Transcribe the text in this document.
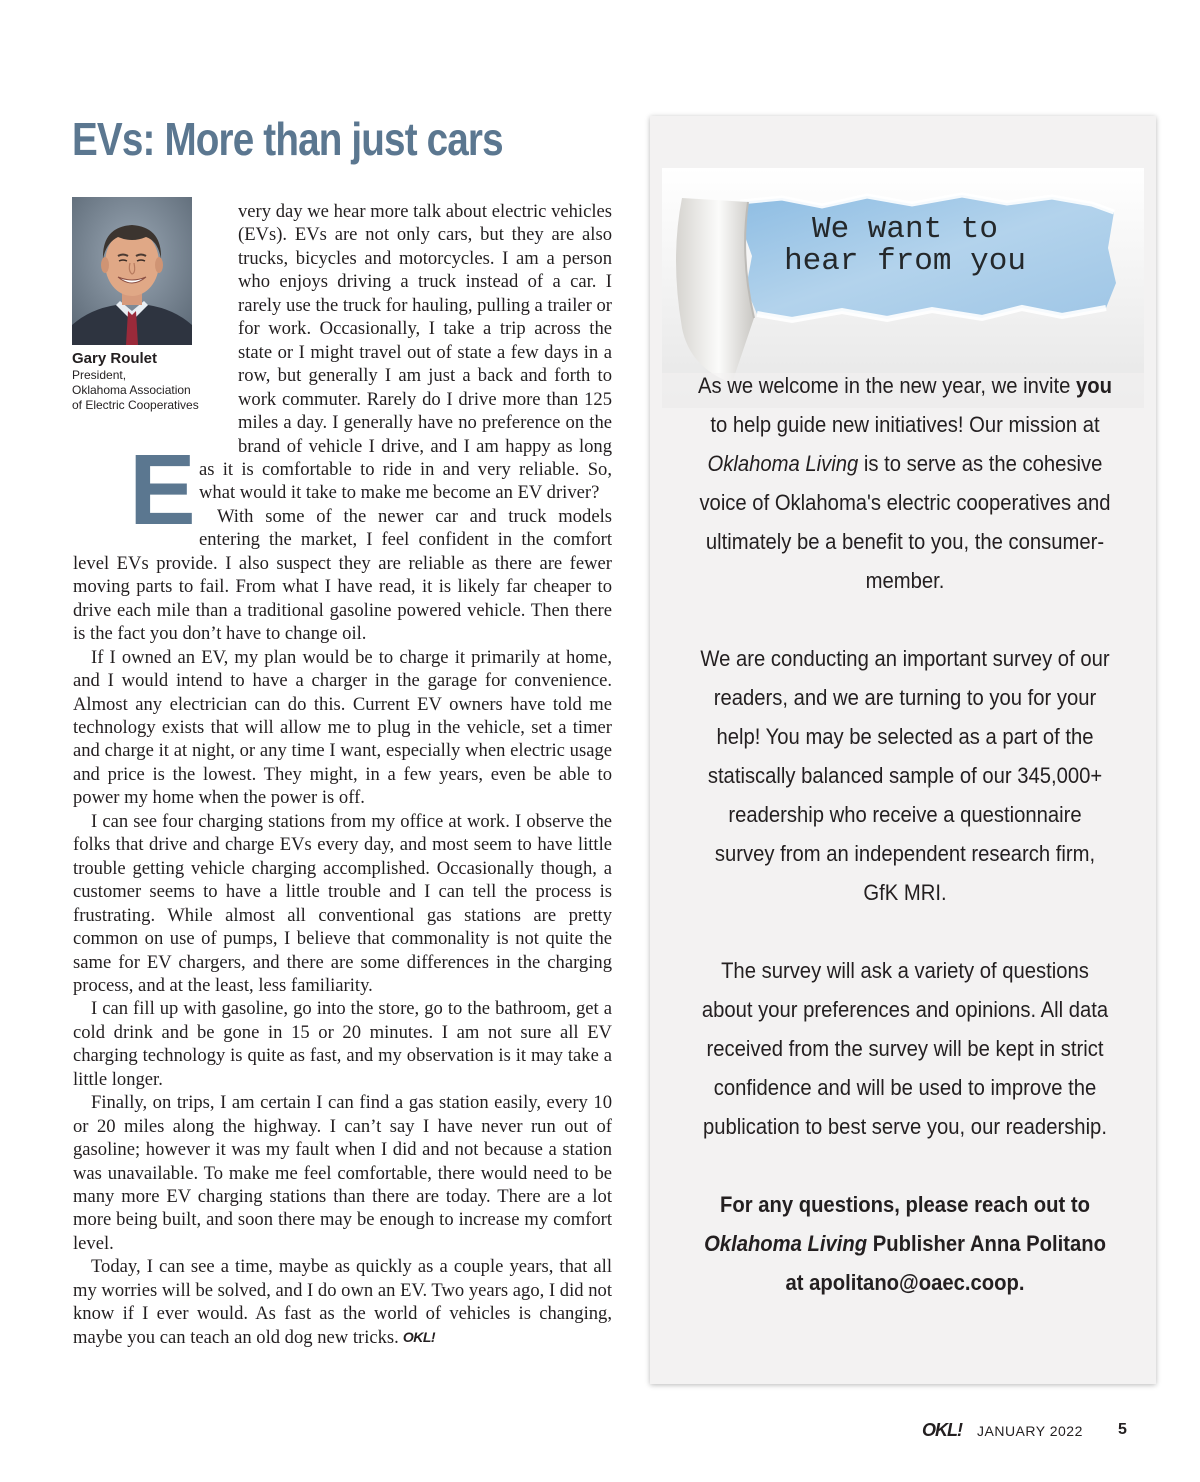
EVs: More than just cars
Gary Roulet
President,
Oklahoma Association
of Electric Cooperatives
E

very day we hear more talk about electric vehicles (EVs). EVs are not only cars, but they are also trucks, bicycles and motorcycles. I am a person who enjoys driving a truck instead of a car. I rarely use the truck for hauling, pulling a trailer or for work. Occasionally, I take a trip across the state or I might travel out of state a few days in a row, but generally I am just a back and forth to work commuter. Rarely do I drive more than 125 miles a day. I generally have no preference on the brand of vehicle I drive, and I am happy as long as it is comfortable to ride in and very reliable. So, what would it take to make me become an EV driver?

With some of the newer car and truck models entering the market, I feel confident in the comfort level EVs provide. I also suspect they are reliable as there are fewer moving parts to fail. From what I have read, it is likely far cheaper to drive each mile than a traditional gasoline powered vehicle. Then there is the fact you don’t have to change oil.

If I owned an EV, my plan would be to charge it primarily at home, and I would intend to have a charger in the garage for convenience. Almost any electrician can do this. Current EV owners have told me technology exists that will allow me to plug in the vehicle, set a timer and charge it at night, or any time I want, especially when electric usage and price is the lowest. They might, in a few years, even be able to power my home when the power is off.

I can see four charging stations from my office at work. I observe the folks that drive and charge EVs every day, and most seem to have little trouble getting vehicle charging accomplished. Occasionally though, a customer seems to have a little trouble and I can tell the process is frustrating. While almost all conventional gas stations are pretty common on use of pumps, I believe that commonality is not quite the same for EV chargers, and there are some differences in the charging process, and at the least, less familiarity.

I can fill up with gasoline, go into the store, go to the bathroom, get a cold drink and be gone in 15 or 20 minutes. I am not sure all EV charging technology is quite as fast, and my observation is it may take a little longer.

Finally, on trips, I am certain I can find a gas station easily, every 10 or 20 miles along the highway. I can’t say I have never run out of gasoline; however it was my fault when I did and not because a station was unavailable. To make me feel comfortable, there would need to be many more EV charging stations than there are today. There are a lot more being built, and soon there may be enough to increase my comfort level.

Today, I can see a time, maybe as quickly as a couple years, that all my worries will be solved, and I do own an EV. Two years ago, I did not know if I ever would. As fast as the world of vehicles is changing, maybe you can teach an old dog new tricks. OKL!

We want to
hear from you

As we welcome in the new year, we invite you to help guide new initiatives! Our mission at Oklahoma Living is to serve as the cohesive voice of Oklahoma's electric cooperatives and ultimately be a benefit to you, the consumer-member.

We are conducting an important survey of our readers, and we are turning to you for your help! You may be selected as a part of the statiscally balanced sample of our 345,000+ readership who receive a questionnaire survey from an independent research firm, GfK MRI.

The survey will ask a variety of questions about your preferences and opinions. All data received from the survey will be kept in strict confidence and will be used to improve the publication to best serve you, our readership.

For any questions, please reach out to Oklahoma Living Publisher Anna Politano at apolitano@oaec.coop.

OKL! JANUARY 2022 5
